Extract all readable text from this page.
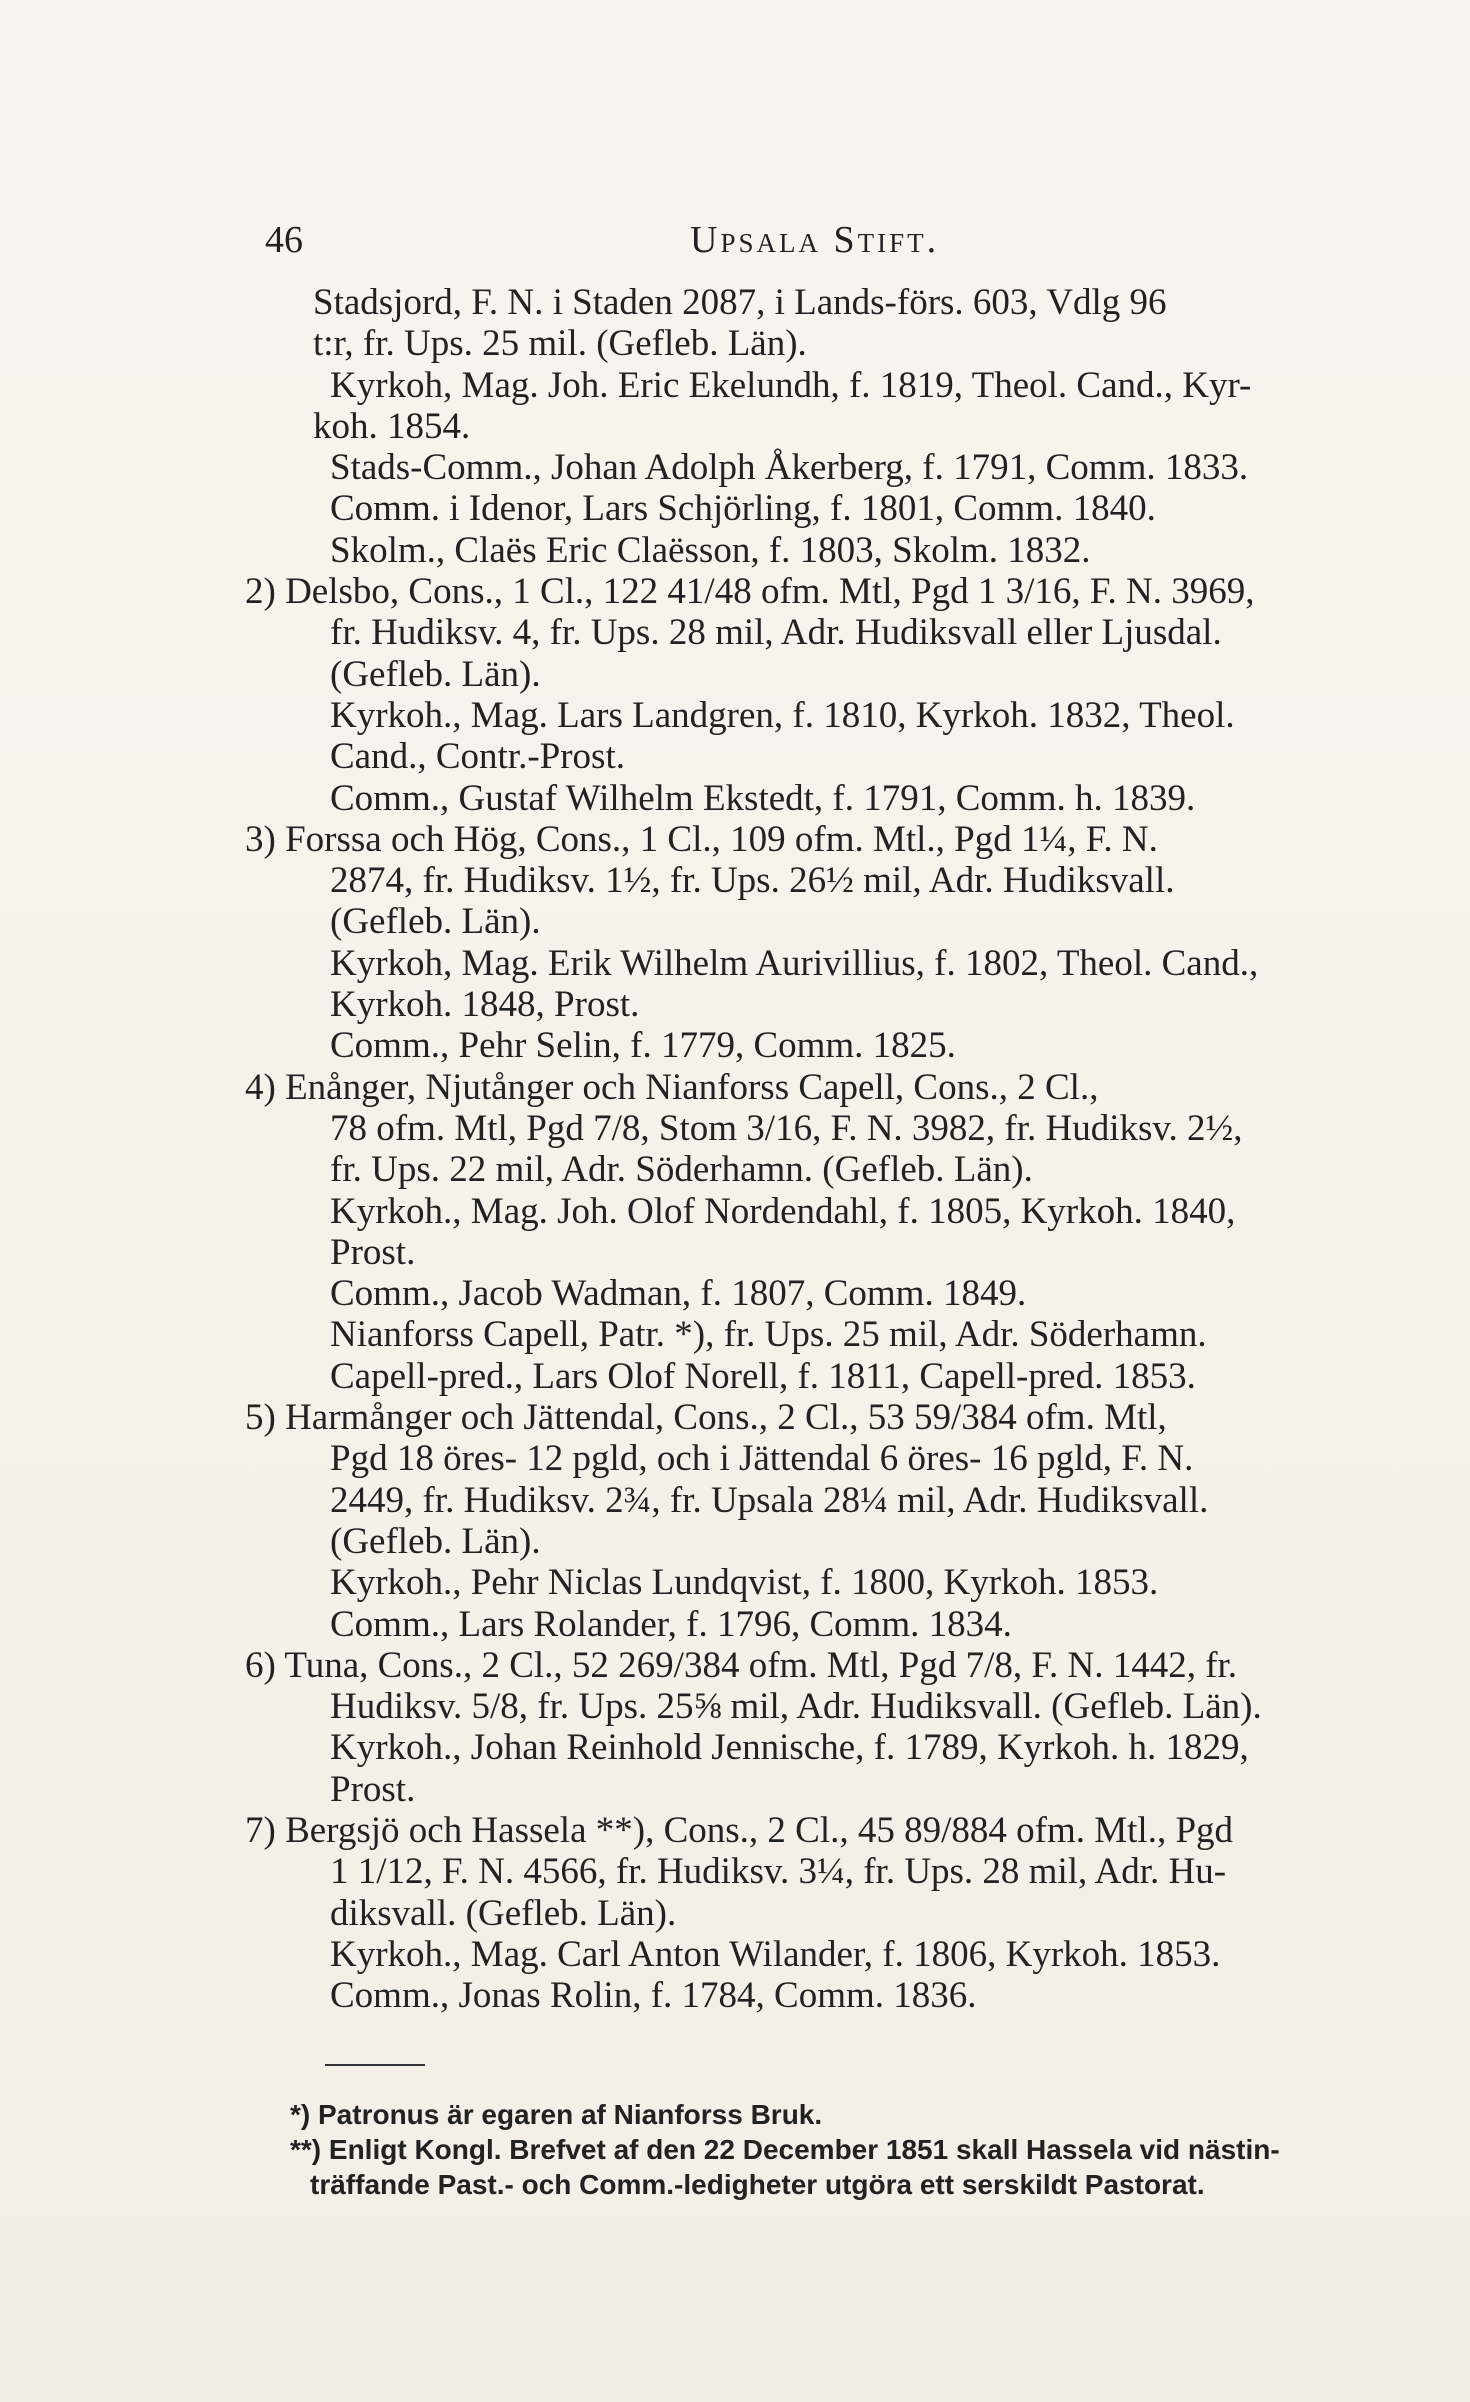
46	Upsala Stift.
Stadsjord, F. N. i Staden 2087, i Lands-förs. 603, Vdlg 96
t:r, fr. Ups. 25 mil. (Gefleb. Län).
Kyrkoh, Mag. Joh. Eric Ekelundh, f. 1819, Theol. Cand., Kyr-
koh. 1854.
Stads-Comm., Johan Adolph Åkerberg, f. 1791, Comm. 1833.
Comm. i Idenor, Lars Schjörling, f. 1801, Comm. 1840.
Skolm., Claës Eric Claësson, f. 1803, Skolm. 1832.
2) Delsbo, Cons., 1 Cl., 122 41/48 ofm. Mtl, Pgd 1 3/16, F. N. 3969,
fr. Hudiksv. 4, fr. Ups. 28 mil, Adr. Hudiksvall eller Ljusdal.
(Gefleb. Län).
Kyrkoh., Mag. Lars Landgren, f. 1810, Kyrkoh. 1832, Theol.
Cand., Contr.-Prost.
Comm., Gustaf Wilhelm Ekstedt, f. 1791, Comm. h. 1839.
3) Forssa och Hög, Cons., 1 Cl., 109 ofm. Mtl., Pgd 1¼, F. N.
2874, fr. Hudiksv. 1½, fr. Ups. 26½ mil, Adr. Hudiksvall.
(Gefleb. Län).
Kyrkoh, Mag. Erik Wilhelm Aurivillius, f. 1802, Theol. Cand.,
Kyrkoh. 1848, Prost.
Comm., Pehr Selin, f. 1779, Comm. 1825.
4) Enånger, Njutånger och Nianforss Capell, Cons., 2 Cl.,
78 ofm. Mtl, Pgd 7/8, Stom 3/16, F. N. 3982, fr. Hudiksv. 2½,
fr. Ups. 22 mil, Adr. Söderhamn. (Gefleb. Län).
Kyrkoh., Mag. Joh. Olof Nordendahl, f. 1805, Kyrkoh. 1840,
Prost.
Comm., Jacob Wadman, f. 1807, Comm. 1849.
Nianforss Capell, Patr. *), fr. Ups. 25 mil, Adr. Söderhamn.
Capell-pred., Lars Olof Norell, f. 1811, Capell-pred. 1853.
5) Harmånger och Jättendal, Cons., 2 Cl., 53 59/384 ofm. Mtl,
Pgd 18 öres- 12 pgld, och i Jättendal 6 öres- 16 pgld, F. N.
2449, fr. Hudiksv. 2¾, fr. Upsala 28¼ mil, Adr. Hudiksvall.
(Gefleb. Län).
Kyrkoh., Pehr Niclas Lundqvist, f. 1800, Kyrkoh. 1853.
Comm., Lars Rolander, f. 1796, Comm. 1834.
6) Tuna, Cons., 2 Cl., 52 269/384 ofm. Mtl, Pgd 7/8, F. N. 1442, fr.
Hudiksv. 5/8, fr. Ups. 25⅝ mil, Adr. Hudiksvall. (Gefleb. Län).
Kyrkoh., Johan Reinhold Jennische, f. 1789, Kyrkoh. h. 1829,
Prost.
7) Bergsjö och Hassela **), Cons., 2 Cl., 45 89/884 ofm. Mtl., Pgd
1 1/12, F. N. 4566, fr. Hudiksv. 3¼, fr. Ups. 28 mil, Adr. Hu-
diksvall. (Gefleb. Län).
Kyrkoh., Mag. Carl Anton Wilander, f. 1806, Kyrkoh. 1853.
Comm., Jonas Rolin, f. 1784, Comm. 1836.
*) Patronus är egaren af Nianforss Bruk.
**) Enligt Kongl. Brefvet af den 22 December 1851 skall Hassela vid nästin-
träffande Past.- och Comm.-ledigheter utgöra ett serskildt Pastorat.
